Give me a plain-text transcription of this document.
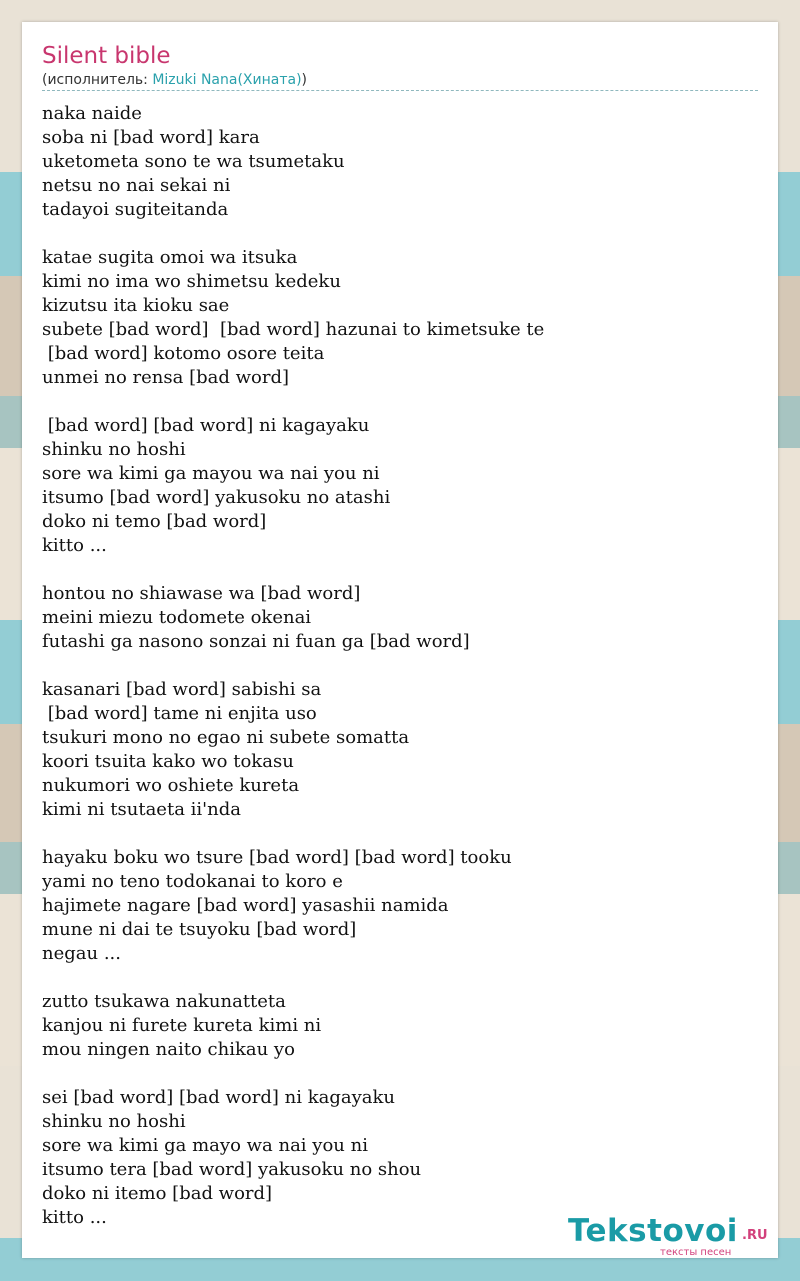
Silent bible
(исполнитель: Mizuki Nana(Хината))
naka naide
soba ni [bad word] kara
uketometa sono te wa tsumetaku
netsu no nai sekai ni
tadayoi sugiteitanda
katae sugita omoi wa itsuka
kimi no ima wo shimetsu kedeku
kizutsu ita kioku sae
subete [bad word]  [bad word] hazunai to kimetsuke te
[bad word] kotomo osore teita
unmei no rensa [bad word]
[bad word] [bad word] ni kagayaku
shinku no hoshi
sore wa kimi ga mayou wa nai you ni
itsumo [bad word] yakusoku no atashi
doko ni temo [bad word]
kitto ...
hontou no shiawase wa [bad word]
meini miezu todomete okenai
futashi ga nasono sonzai ni fuan ga [bad word]
kasanari [bad word] sabishi sa
[bad word] tame ni enjita uso
tsukuri mono no egao ni subete somatta
koori tsuita kako wo tokasu
nukumori wo oshiete kureta
kimi ni tsutaeta ii'nda
hayaku boku wo tsure [bad word] [bad word] tooku
yami no teno todokanai to koro e
hajimete nagare [bad word] yasashii namida
mune ni dai te tsuyoku [bad word]
negau ...
zutto tsukawa nakunatteta
kanjou ni furete kureta kimi ni
mou ningen naito chikau yo
sei [bad word] [bad word] ni kagayaku
shinku no hoshi
sore wa kimi ga mayo wa nai you ni
itsumo tera [bad word] yakusoku no shou
doko ni itemo [bad word]
kitto ...	Tekstovoi .RU
тексты песен
